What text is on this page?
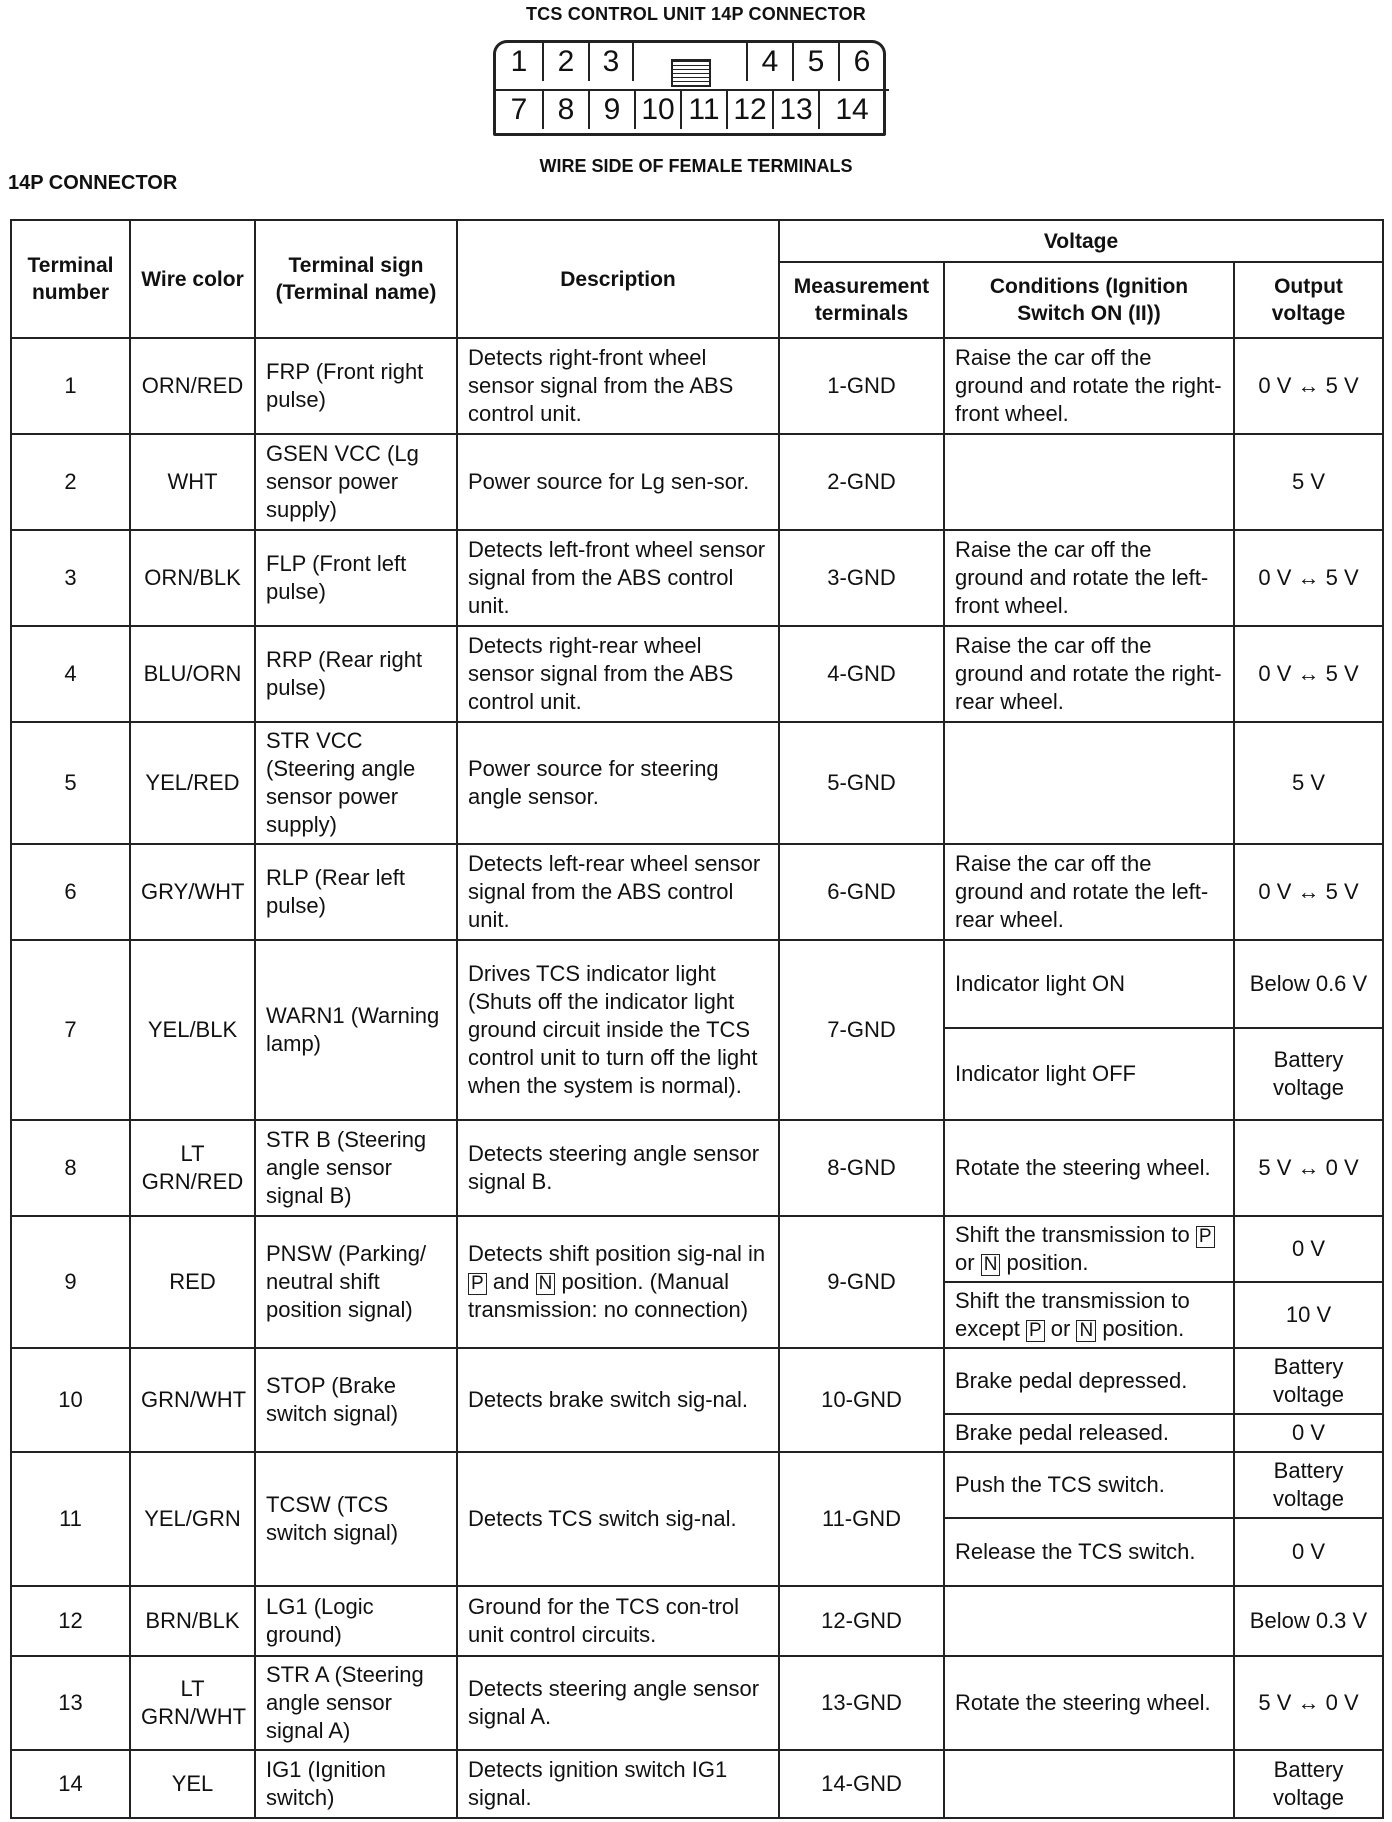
TCS CONTROL UNIT 14P CONNECTOR
1	2 3	4 5 6
7	8 9 10 11 12 13 14
WIRE SIDE OF FEMALE TERMINALS
14P CONNECTOR
Terminal number	Wire color	Terminal sign (Terminal name)	Description	Voltage		
				Measurement terminals	Conditions (Ignition Switch ON (II))	Output voltage
1	ORN/RED	FRP (Front right pulse)	Detects right-front wheel sensor signal from the ABS control unit.	1-GND	Raise the car off the ground and rotate the right-front wheel.	0 V ↔ 5 V
2	WHT	GSEN VCC (Lg sensor power supply)	Power source for Lg sen-sor.	2-GND		5 V
3	ORN/BLK	FLP (Front left pulse)	Detects left-front wheel sensor signal from the ABS control unit.	3-GND	Raise the car off the ground and rotate the left-front wheel.	0 V ↔ 5 V
4	BLU/ORN	RRP (Rear right pulse)	Detects right-rear wheel sensor signal from the ABS control unit.	4-GND	Raise the car off the ground and rotate the right-rear wheel.	0 V ↔ 5 V
5	YEL/RED	STR VCC (Steering angle sensor power supply)	Power source for steering angle sensor.	5-GND		5 V
6	GRY/WHT	RLP (Rear left pulse)	Detects left-rear wheel sensor signal from the ABS control unit.	6-GND	Raise the car off the ground and rotate the left-rear wheel.	0 V ↔ 5 V
7	YEL/BLK	WARN1 (Warning lamp)	Drives TCS indicator light (Shuts off the indicator light ground circuit inside the TCS control unit to turn off the light when the system is normal).	7-GND	Indicator light ON	Below 0.6 V
					Indicator light OFF	Battery voltage
8	LT GRN/RED	STR B (Steering angle sensor signal B)	Detects steering angle sensor signal B.	8-GND	Rotate the steering wheel.	5 V ↔ 0 V
9	RED	PNSW (Parking/ neutral shift position signal)	Detects shift position sig-nal in P and N position. (Manual transmission: no connection)	9-GND	Shift the transmission to P or N position.	0 V
					Shift the transmission to except P or N position.	10 V
10	GRN/WHT	STOP (Brake switch signal)	Detects brake switch sig-nal.	10-GND	Brake pedal depressed.	Battery voltage
					Brake pedal released.	0 V
11	YEL/GRN	TCSW (TCS switch signal)	Detects TCS switch sig-nal.	11-GND	Push the TCS switch.	Battery voltage
					Release the TCS switch.	0 V
12	BRN/BLK	LG1 (Logic ground)	Ground for the TCS con-trol unit control circuits.	12-GND		Below 0.3 V
13	LT GRN/WHT	STR A (Steering angle sensor signal A)	Detects steering angle sensor signal A.	13-GND	Rotate the steering wheel.	5 V ↔ 0 V
14	YEL	IG1 (Ignition switch)	Detects ignition switch IG1 signal.	14-GND		Battery voltage
